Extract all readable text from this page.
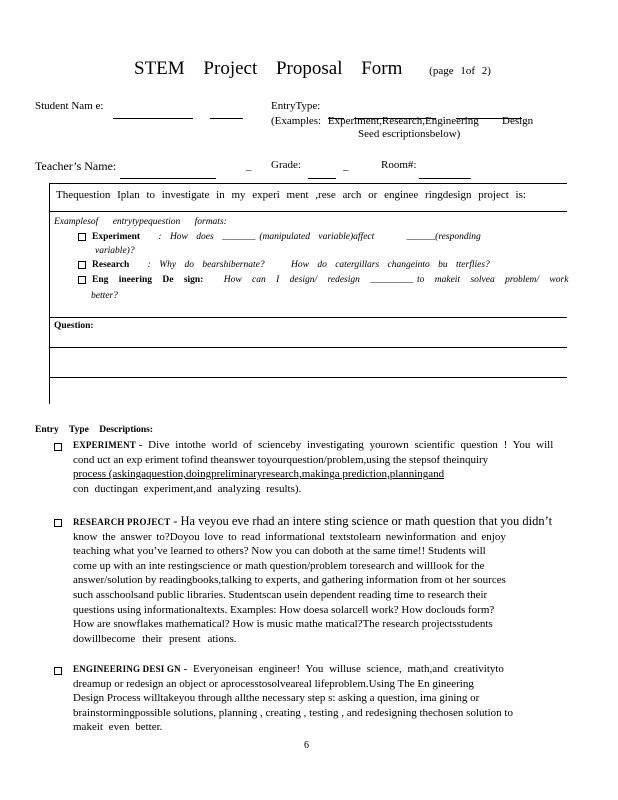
STEM Project Proposal Form (page 1of 2)
Student Nam e:	EntryType:

(Examples: Experiment,Research,Engineering Design
Seed escriptionsbelow)
Teacher’s Name:	_ Grade:	_	Room#:
Thequestion Iplan to investigate in my experi ment ,rese arch or enginee ringdesign project is:
Examplesof entrytypequestion formats:
Experiment : How does _______ (manipulated variable)affect	______(responding
variable)?
Research : Why do bearshibernate?	How do catergillars changeinto bu tterflies?
Eng ineering De sign: How can I design/ redesign _________ to makeit solvea problem/ work
better?
Question:
Entry Type Descriptions:
EXPERIMENT - Dive intothe world of scienceby investigating yourown scientific question ! You will
cond uct an exp eriment tofind theanswer toyourquestion/problem,using the stepsof theinquiry
process (askingaquestion,doingpreliminaryresearch,makinga prediction,planningand
con ductingan experiment,and analyzing results).
RESEARCH PROJECT - Ha veyou eve rhad an intere sting science or math question that you didn’t
know the answer to?Doyou love to read informational textstolearn newinformation and enjoy
teaching what you’ve learned to others? Now you can doboth at the same time!! Students will
come up with an inte restingscience or math question/problem toresearch and willlook for the
answer/solution by readingbooks,talking to experts, and gathering information from ot her sources
such asschoolsand public libraries. Studentscan usein dependent reading time to research their
questions using informationaltexts. Examples: How doesa solarcell work? How doclouds form?
How are snowflakes mathematical? How is music mathe matical?The research projectsstudents
dowillbecome their present ations.
ENGINEERING DESI GN - Everyoneisan engineer! You willuse science, math,and creativityto
dreamup or redesign an object or aprocesstosolveareal lifeproblem.Using The En gineering
Design Process willtakeyou through allthe necessary step s: asking a question, ima gining or
brainstormingpossible solutions, planning , creating , testing , and redesigning thechosen solution to
makeit even better.
6
